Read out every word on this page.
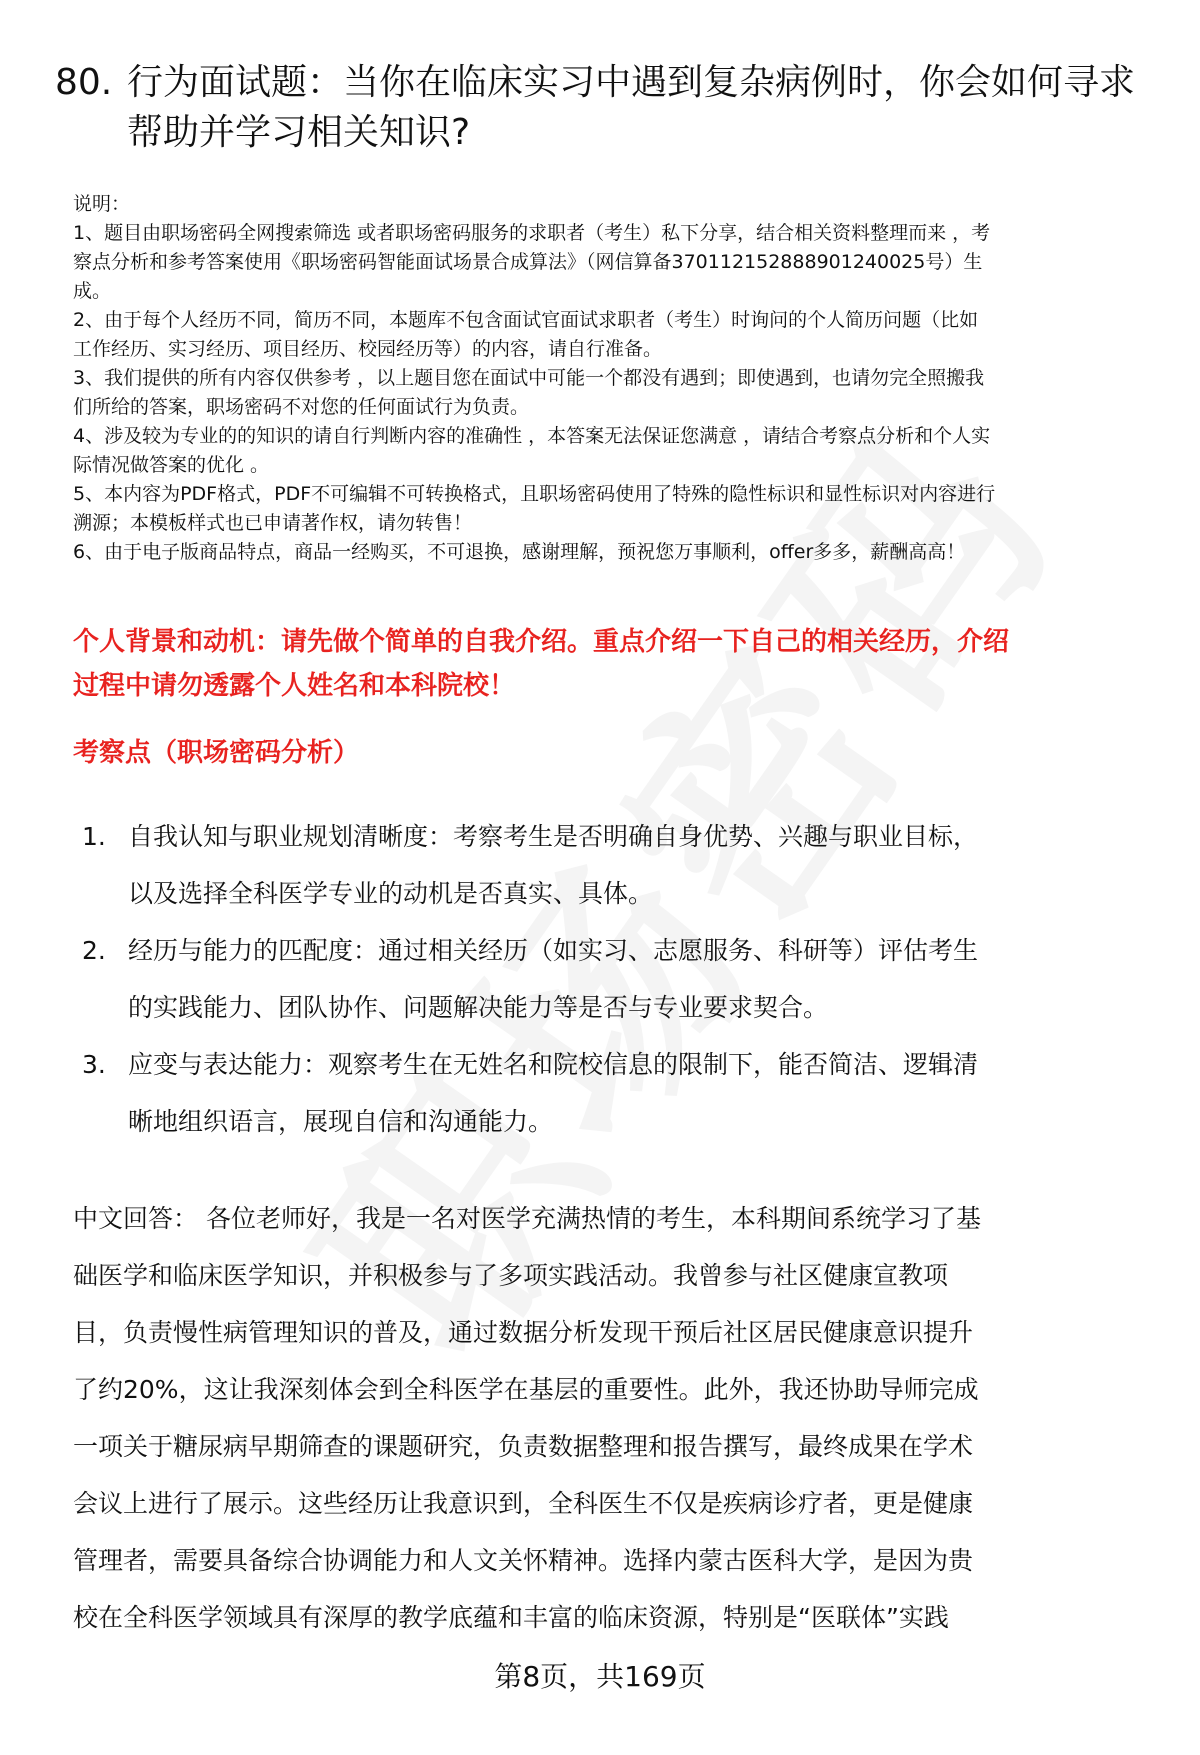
80. 行为面试题：当你在临床实习中遇到复杂病例时，你会如何寻求
帮助并学习相关知识?
说明：
1、题目由职场密码全网搜索筛选 或者职场密码服务的求职者（考生）私下分享，结合相关资料整理而来 ，考
察点分析和参考答案使用《职场密码智能面试场景合成算法》（网信算备370112152888901240025号）生
成。
2、由于每个人经历不同，简历不同，本题库不包含面试官面试求职者（考生）时询问的个人简历问题（比如
工作经历、实习经历、项目经历、校园经历等）的内容，请自行准备。
3、我们提供的所有内容仅供参考 ，以上题目您在面试中可能一个都没有遇到；即使遇到，也请勿完全照搬我
们所给的答案，职场密码不对您的任何面试行为负责。
4、涉及较为专业的的知识的请自行判断内容的准确性 ，本答案无法保证您满意 ，请结合考察点分析和个人实
际情况做答案的优化 。
5、本内容为PDF格式，PDF不可编辑不可转换格式，且职场密码使用了特殊的隐性标识和显性标识对内容进行
溯源；本模板样式也已申请著作权，请勿转售！
6、由于电子版商品特点，商品一经购买，不可退换，感谢理解，预祝您万事顺利，offer多多，薪酬高高！
个人背景和动机：请先做个简单的自我介绍。重点介绍一下自己的相关经历，介绍
过程中请勿透露个人姓名和本科院校！
考察点（职场密码分析）
1. 自我认知与职业规划清晰度：考察考生是否明确自身优势、兴趣与职业目标，
以及选择全科医学专业的动机是否真实、具体。
2. 经历与能力的匹配度：通过相关经历（如实习、志愿服务、科研等）评估考生
的实践能力、团队协作、问题解决能力等是否与专业要求契合。
3. 应变与表达能力：观察考生在无姓名和院校信息的限制下，能否简洁、逻辑清
晰地组织语言，展现自信和沟通能力。
中文回答： 各位老师好，我是一名对医学充满热情的考生，本科期间系统学习了基
础医学和临床医学知识，并积极参与了多项实践活动。我曾参与社区健康宣教项
目，负责慢性病管理知识的普及，通过数据分析发现干预后社区居民健康意识提升
了约20%，这让我深刻体会到全科医学在基层的重要性。此外，我还协助导师完成
一项关于糖尿病早期筛查的课题研究，负责数据整理和报告撰写，最终成果在学术
会议上进行了展示。这些经历让我意识到，全科医生不仅是疾病诊疗者，更是健康
管理者，需要具备综合协调能力和人文关怀精神。选择内蒙古医科大学，是因为贵
校在全科医学领域具有深厚的教学底蕴和丰富的临床资源，特别是“医联体”实践
第8页，共169页
